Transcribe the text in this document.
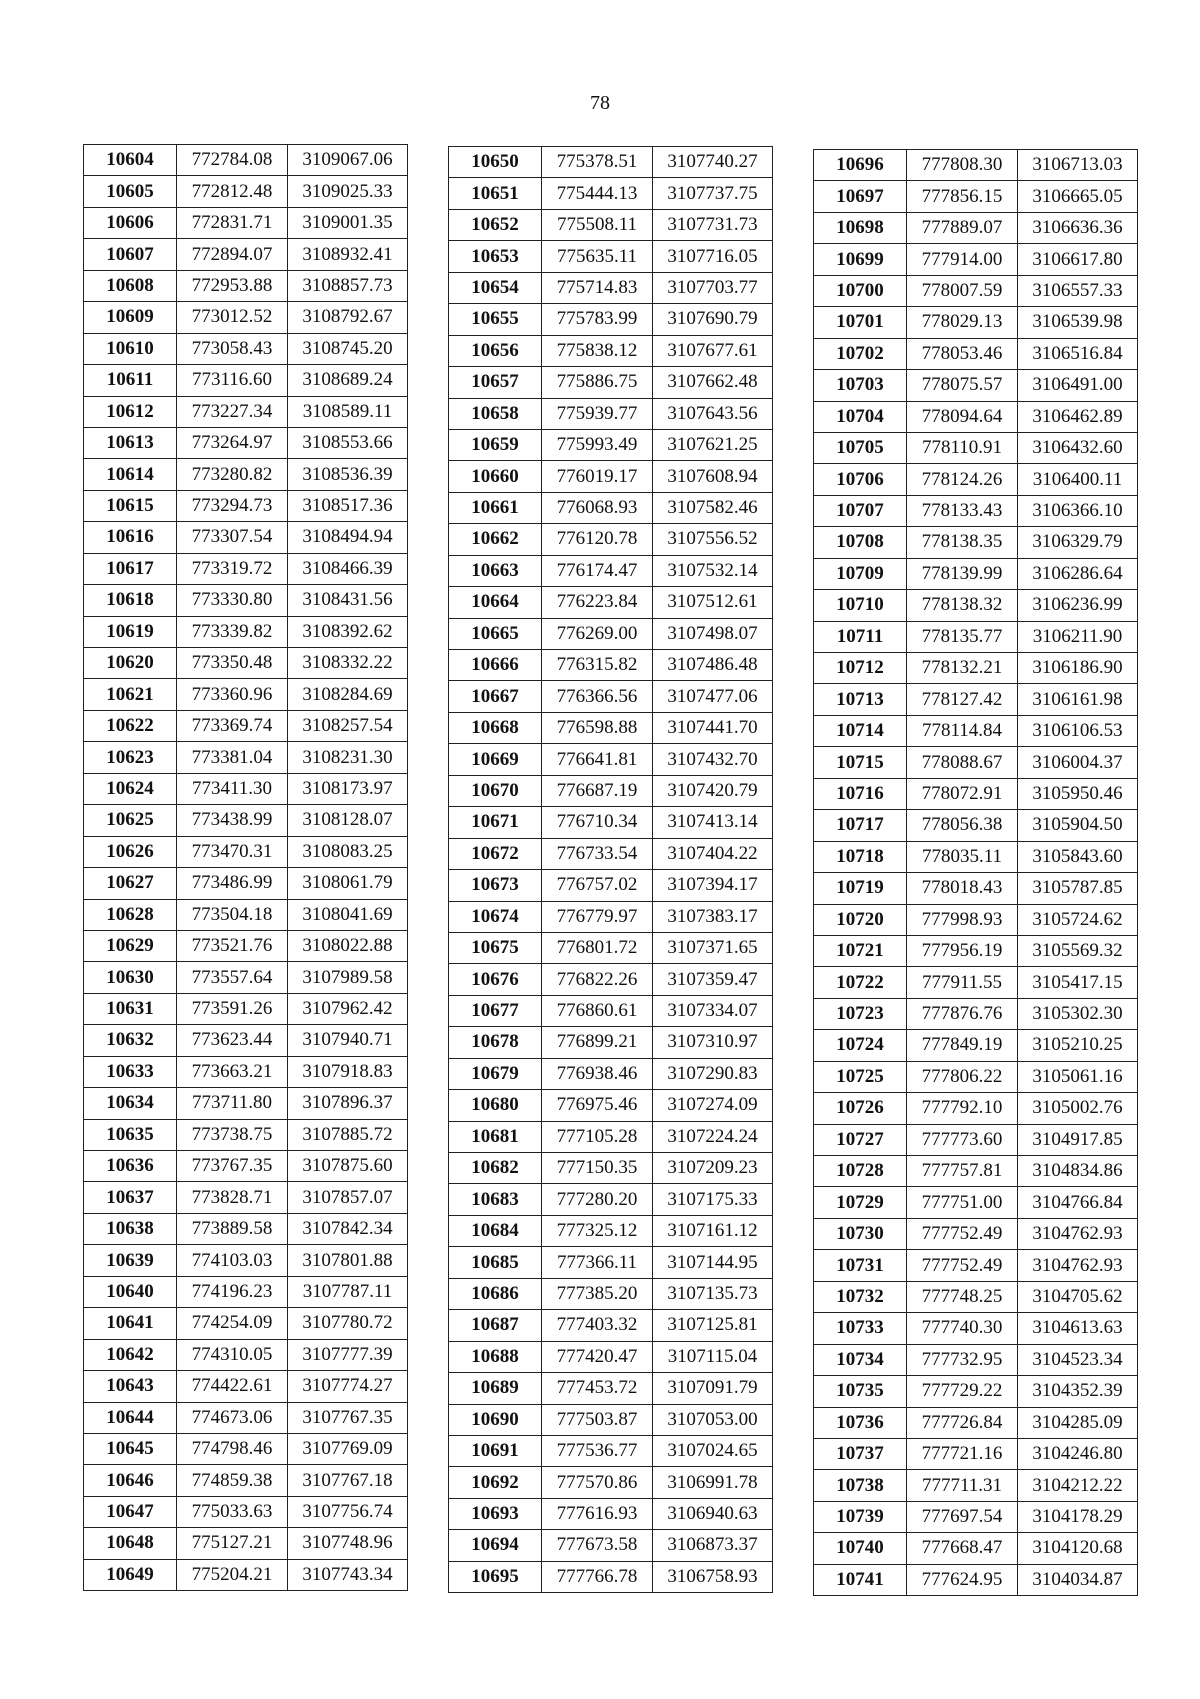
78
10604	772784.08	3109067.06
10605	772812.48	3109025.33
10606	772831.71	3109001.35
10607	772894.07	3108932.41
10608	772953.88	3108857.73
10609	773012.52	3108792.67
10610	773058.43	3108745.20
10611	773116.60	3108689.24
10612	773227.34	3108589.11
10613	773264.97	3108553.66
10614	773280.82	3108536.39
10615	773294.73	3108517.36
10616	773307.54	3108494.94
10617	773319.72	3108466.39
10618	773330.80	3108431.56
10619	773339.82	3108392.62
10620	773350.48	3108332.22
10621	773360.96	3108284.69
10622	773369.74	3108257.54
10623	773381.04	3108231.30
10624	773411.30	3108173.97
10625	773438.99	3108128.07
10626	773470.31	3108083.25
10627	773486.99	3108061.79
10628	773504.18	3108041.69
10629	773521.76	3108022.88
10630	773557.64	3107989.58
10631	773591.26	3107962.42
10632	773623.44	3107940.71
10633	773663.21	3107918.83
10634	773711.80	3107896.37
10635	773738.75	3107885.72
10636	773767.35	3107875.60
10637	773828.71	3107857.07
10638	773889.58	3107842.34
10639	774103.03	3107801.88
10640	774196.23	3107787.11
10641	774254.09	3107780.72
10642	774310.05	3107777.39
10643	774422.61	3107774.27
10644	774673.06	3107767.35
10645	774798.46	3107769.09
10646	774859.38	3107767.18
10647	775033.63	3107756.74
10648	775127.21	3107748.96
10649	775204.21	3107743.34
10650	775378.51	3107740.27
10651	775444.13	3107737.75
10652	775508.11	3107731.73
10653	775635.11	3107716.05
10654	775714.83	3107703.77
10655	775783.99	3107690.79
10656	775838.12	3107677.61
10657	775886.75	3107662.48
10658	775939.77	3107643.56
10659	775993.49	3107621.25
10660	776019.17	3107608.94
10661	776068.93	3107582.46
10662	776120.78	3107556.52
10663	776174.47	3107532.14
10664	776223.84	3107512.61
10665	776269.00	3107498.07
10666	776315.82	3107486.48
10667	776366.56	3107477.06
10668	776598.88	3107441.70
10669	776641.81	3107432.70
10670	776687.19	3107420.79
10671	776710.34	3107413.14
10672	776733.54	3107404.22
10673	776757.02	3107394.17
10674	776779.97	3107383.17
10675	776801.72	3107371.65
10676	776822.26	3107359.47
10677	776860.61	3107334.07
10678	776899.21	3107310.97
10679	776938.46	3107290.83
10680	776975.46	3107274.09
10681	777105.28	3107224.24
10682	777150.35	3107209.23
10683	777280.20	3107175.33
10684	777325.12	3107161.12
10685	777366.11	3107144.95
10686	777385.20	3107135.73
10687	777403.32	3107125.81
10688	777420.47	3107115.04
10689	777453.72	3107091.79
10690	777503.87	3107053.00
10691	777536.77	3107024.65
10692	777570.86	3106991.78
10693	777616.93	3106940.63
10694	777673.58	3106873.37
10695	777766.78	3106758.93
10696	777808.30	3106713.03
10697	777856.15	3106665.05
10698	777889.07	3106636.36
10699	777914.00	3106617.80
10700	778007.59	3106557.33
10701	778029.13	3106539.98
10702	778053.46	3106516.84
10703	778075.57	3106491.00
10704	778094.64	3106462.89
10705	778110.91	3106432.60
10706	778124.26	3106400.11
10707	778133.43	3106366.10
10708	778138.35	3106329.79
10709	778139.99	3106286.64
10710	778138.32	3106236.99
10711	778135.77	3106211.90
10712	778132.21	3106186.90
10713	778127.42	3106161.98
10714	778114.84	3106106.53
10715	778088.67	3106004.37
10716	778072.91	3105950.46
10717	778056.38	3105904.50
10718	778035.11	3105843.60
10719	778018.43	3105787.85
10720	777998.93	3105724.62
10721	777956.19	3105569.32
10722	777911.55	3105417.15
10723	777876.76	3105302.30
10724	777849.19	3105210.25
10725	777806.22	3105061.16
10726	777792.10	3105002.76
10727	777773.60	3104917.85
10728	777757.81	3104834.86
10729	777751.00	3104766.84
10730	777752.49	3104762.93
10731	777752.49	3104762.93
10732	777748.25	3104705.62
10733	777740.30	3104613.63
10734	777732.95	3104523.34
10735	777729.22	3104352.39
10736	777726.84	3104285.09
10737	777721.16	3104246.80
10738	777711.31	3104212.22
10739	777697.54	3104178.29
10740	777668.47	3104120.68
10741	777624.95	3104034.87
